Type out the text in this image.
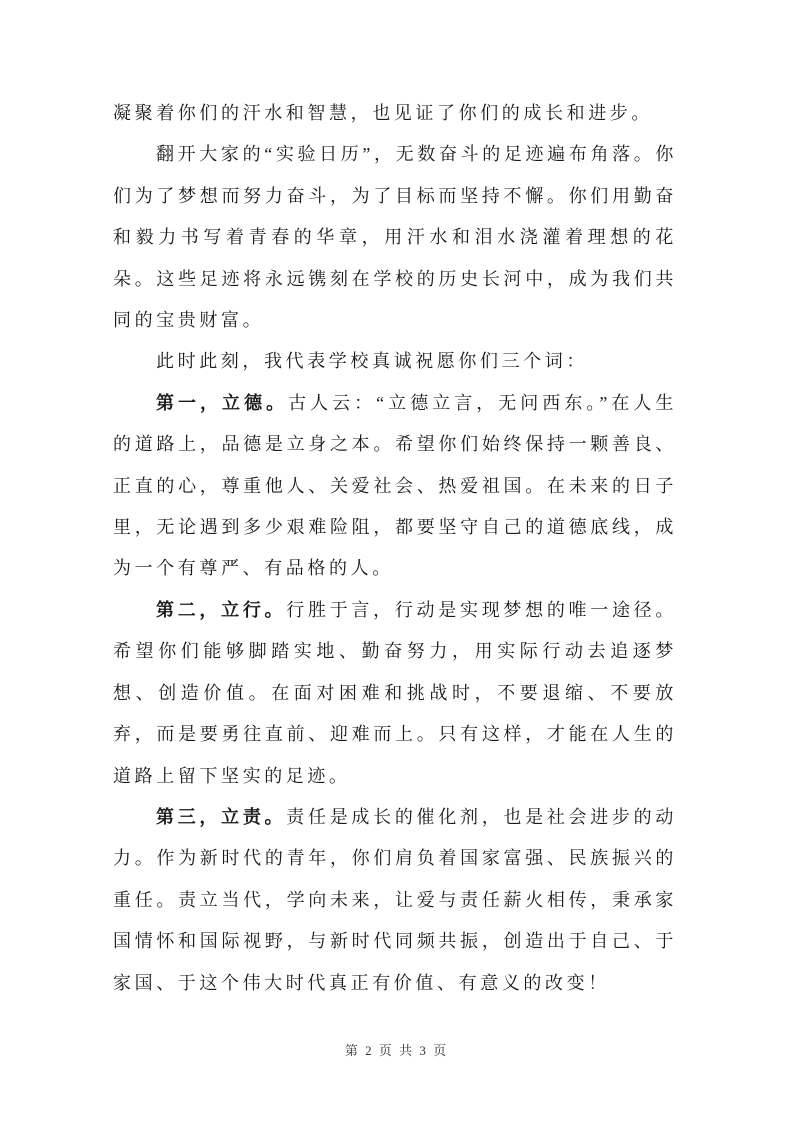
凝聚着你们的汗水和智慧，也见证了你们的成长和进步。

翻开大家的“实验日历”，无数奋斗的足迹遍布角落。你们为了梦想而努力奋斗，为了目标而坚持不懈。你们用勤奋和毅力书写着青春的华章，用汗水和泪水浇灌着理想的花朵。这些足迹将永远镌刻在学校的历史长河中，成为我们共同的宝贵财富。

此时此刻，我代表学校真诚祝愿你们三个词：

第一，立德。古人云：“立德立言，无问西东。”在人生的道路上，品德是立身之本。希望你们始终保持一颗善良、正直的心，尊重他人、关爱社会、热爱祖国。在未来的日子里，无论遇到多少艰难险阻，都要坚守自己的道德底线，成为一个有尊严、有品格的人。

第二，立行。行胜于言，行动是实现梦想的唯一途径。希望你们能够脚踏实地、勤奋努力，用实际行动去追逐梦想、创造价值。在面对困难和挑战时，不要退缩、不要放弃，而是要勇往直前、迎难而上。只有这样，才能在人生的道路上留下坚实的足迹。

第三，立责。责任是成长的催化剂，也是社会进步的动力。作为新时代的青年，你们肩负着国家富强、民族振兴的重任。责立当代，学向未来，让爱与责任薪火相传，秉承家国情怀和国际视野，与新时代同频共振，创造出于自己、于家国、于这个伟大时代真正有价值、有意义的改变！

第 2 页 共 3 页
